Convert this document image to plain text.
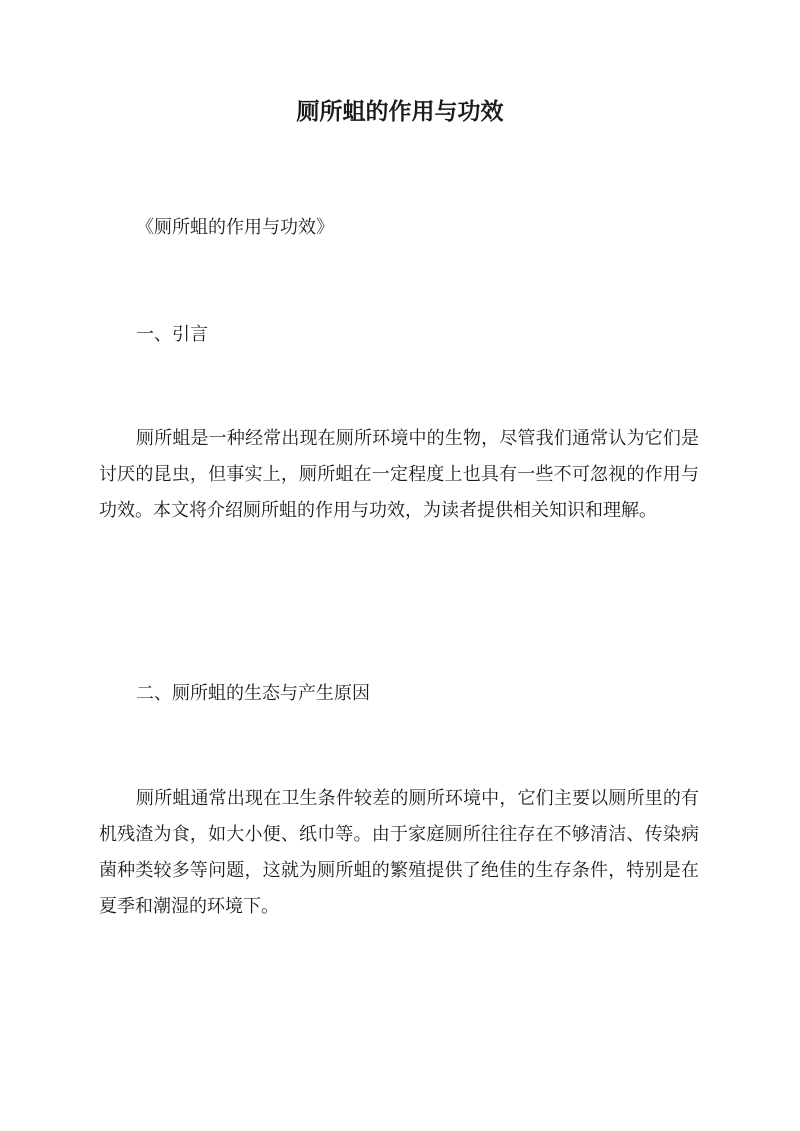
厕所蛆的作用与功效

《厕所蛆的作用与功效》

一、引言

厕所蛆是一种经常出现在厕所环境中的生物，尽管我们通常认为它们是讨厌的昆虫，但事实上，厕所蛆在一定程度上也具有一些不可忽视的作用与功效。本文将介绍厕所蛆的作用与功效，为读者提供相关知识和理解。

二、厕所蛆的生态与产生原因

厕所蛆通常出现在卫生条件较差的厕所环境中，它们主要以厕所里的有机残渣为食，如大小便、纸巾等。由于家庭厕所往往存在不够清洁、传染病菌种类较多等问题，这就为厕所蛆的繁殖提供了绝佳的生存条件，特别是在夏季和潮湿的环境下。
